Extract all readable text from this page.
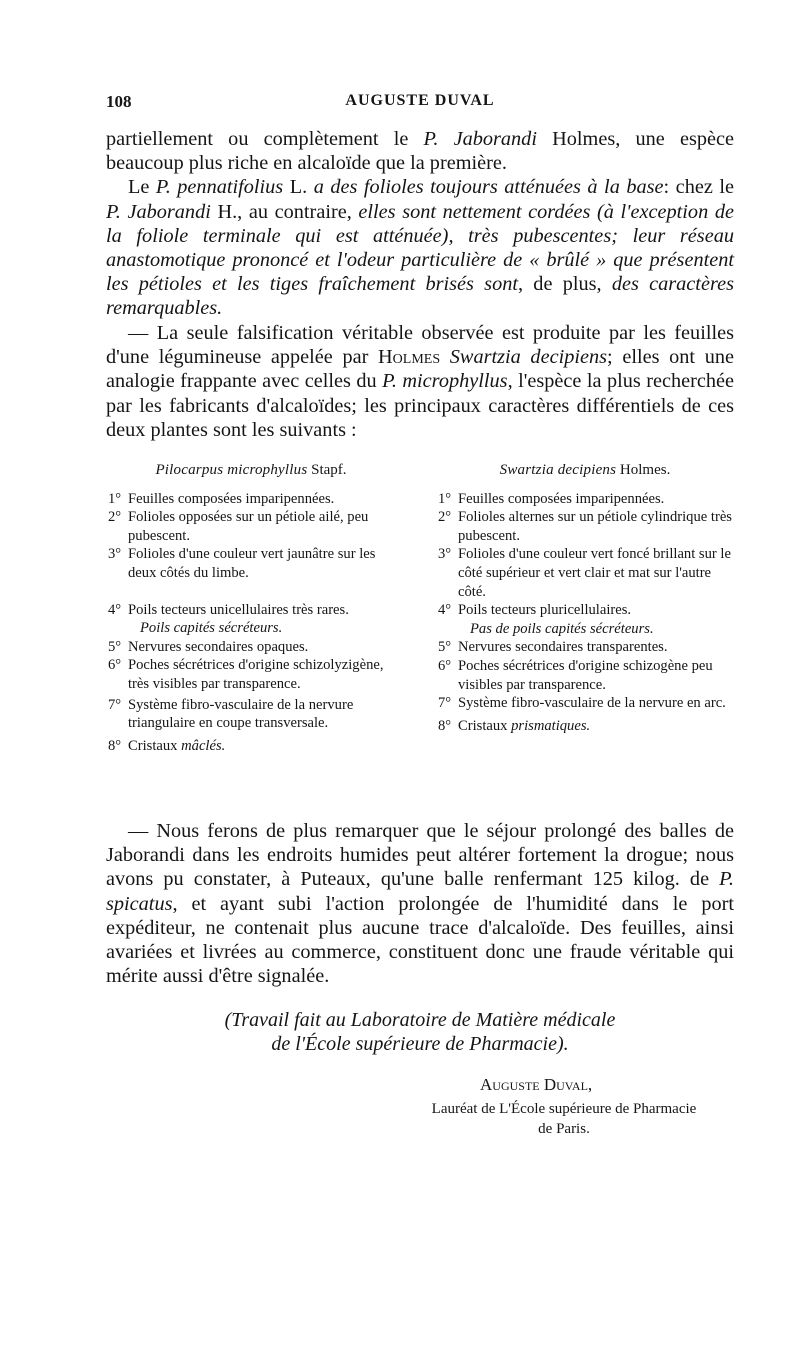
108	AUGUSTE DUVAL

partiellement ou complètement le P. Jaborandi Holmes, une espèce beaucoup plus riche en alcaloïde que la première.
Le P. pennatifolius L. a des folioles toujours atténuées à la base: chez le P. Jaborandi H., au contraire, elles sont nettement cordées (à l'exception de la foliole terminale qui est atténuée), très pubescentes; leur réseau anastomotique prononcé et l'odeur particulière de « brûlé » que présentent les pétioles et les tiges fraîchement brisés sont, de plus, des caractères remarquables.

— La seule falsification véritable observée est produite par les feuilles d'une légumineuse appelée par Holmes Swartzia decipiens; elles ont une analogie frappante avec celles du P. microphyllus, l'espèce la plus recherchée par les fabricants d'alcaloïdes; les principaux caractères différentiels de ces deux plantes sont les suivants :

Pilocarpus microphyllus Stapf.

1° Feuilles composées imparipennées.
2° Folioles opposées sur un pétiole ailé, peu pubescent.
3° Folioles d'une couleur vert jaunâtre sur les deux côtés du limbe.
4° Poils tecteurs unicellulaires très rares.
Poils capités sécréteurs.
5° Nervures secondaires opaques.
6° Poches sécrétrices d'origine schizolyzigène, très visibles par transparence.
7° Système fibro-vasculaire de la nervure triangulaire en coupe transversale.
8° Cristaux mâclés.

Swartzia decipiens Holmes.

1° Feuilles composées imparipennées.
2° Folioles alternes sur un pétiole cylindrique très pubescent.
3° Folioles d'une couleur vert foncé brillant sur le côté supérieur et vert clair et mat sur l'autre côté.
4° Poils tecteurs pluricellulaires.
Pas de poils capités sécréteurs.
5° Nervures secondaires transparentes.
6° Poches sécrétrices d'origine schizogène peu visibles par transparence.
7° Système fibro-vasculaire de la nervure en arc.
8° Cristaux prismatiques.

— Nous ferons de plus remarquer que le séjour prolongé des balles de Jaborandi dans les endroits humides peut altérer fortement la drogue; nous avons pu constater, à Puteaux, qu'une balle renfermant 125 kilog. de P. spicatus, et ayant subi l'action prolongée de l'humidité dans le port expéditeur, ne contenait plus aucune trace d'alcaloïde. Des feuilles, ainsi avariées et livrées au commerce, constituent donc une fraude véritable qui mérite aussi d'être signalée.

(Travail fait au Laboratoire de Matière médicale
de l'École supérieure de Pharmacie).
Auguste Duval,
Lauréat de L'École supérieure de Pharmacie
de Paris.
